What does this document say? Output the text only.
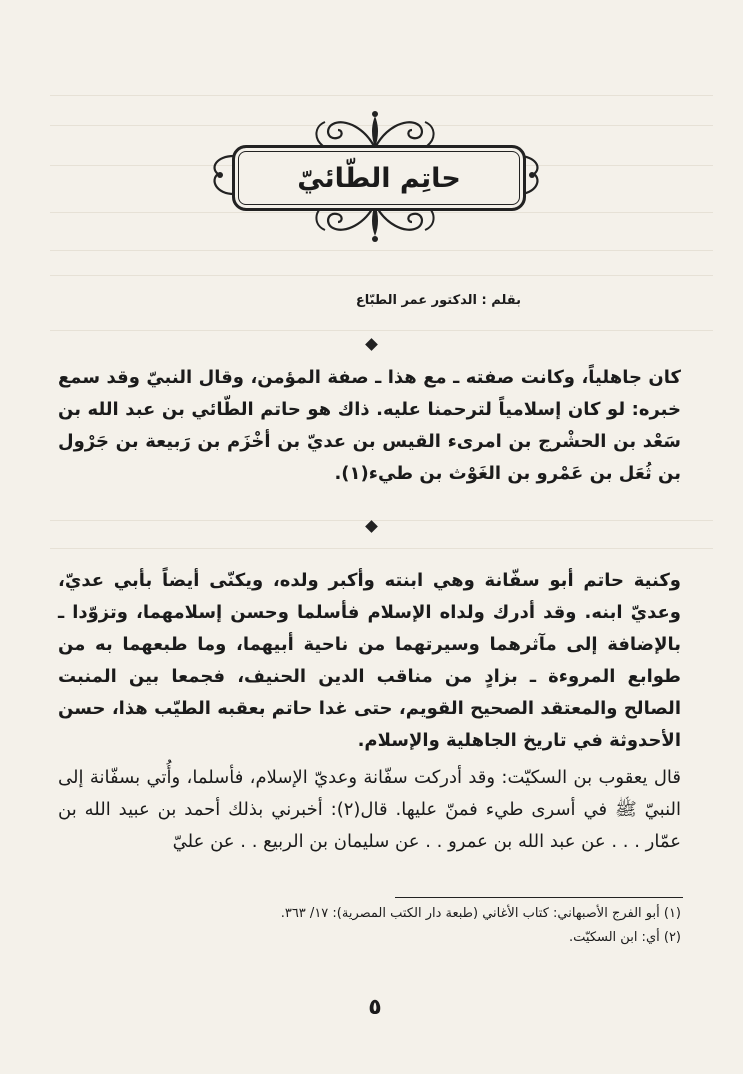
حاتِم الطّائيّ
بقلم : الدكتور عمر الطبّاع
كان جاهلياً، وكانت صفته ـ مع هذا ـ صفة المؤمن، وقال النبيّ وقد سمع خبره: لو كان إسلامياً لترحمنا عليه. ذاك هو حاتم الطّائي بن عبد الله بن سَعْد بن الحشْرج بن امرىء القيس بن عديّ بن أخْزَم بن رَبيعة بن جَرْول بن ثُعَل بن عَمْرو بن الغَوْث بن طيء(١).
وكنية حاتم أبو سفّانة وهي ابنته وأكبر ولده، ويكنّى أيضاً بأبي عديّ، وعديّ ابنه. وقد أدرك ولداه الإسلام فأسلما وحسن إسلامهما، وتزوّدا ـ بالإضافة إلى مآثرهما وسيرتهما من ناحية أبيهما، وما طبعهما به من طوابع المروءة ـ بزادٍ من مناقب الدين الحنيف، فجمعا بين المنبت الصالح والمعتقد الصحيح القويم، حتى غدا حاتم بعقبه الطيّب هذا، حسن الأحدوثة في تاريخ الجاهلية والإسلام.
قال يعقوب بن السكيّت: وقد أدركت سفّانة وعديّ الإسلام، فأسلما، وأُتي بسفّانة إلى النبيّ ﷺ في أسرى طيء فمنّ عليها. قال(٢): أخبرني بذلك أحمد بن عبيد الله بن عمّار . . . عن عبد الله بن عمرو . . عن سليمان بن الربيع . . عن عليّ
(١) أبو الفرج الأصبهاني: كتاب الأغاني (طبعة دار الكتب المصرية): ١٧/ ٣٦٣.
(٢) أي: ابن السكيّت.
٥
